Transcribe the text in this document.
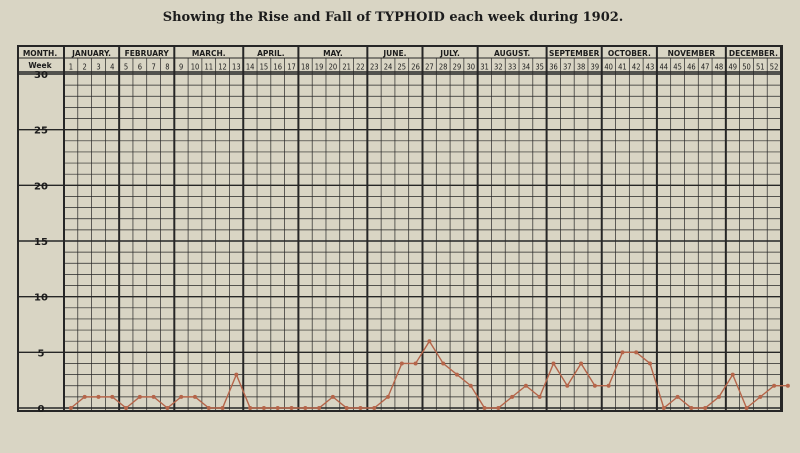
Showing the Rise and Fall of TYPHOID each week during 1902.
MONTH.
Week
JANUARY. FEBRUARY	MARCH.	APRIL.	MAY.	JUNE.	JULY.	AUGUST.	SEPTEMBER OCTOBER. NOVEMBER DECEMBER.
1 2 3 4 5 6 7 8 9 10 11 12 13 14 15 16 17 18 19 20 21 22 23 24 25 26 27 28 29 30 31 32 33 34 35 36 37 38 39 40 41 42 43 44 45 46 47 48 49 50 51 52
0
5
10
15
20
25
30
